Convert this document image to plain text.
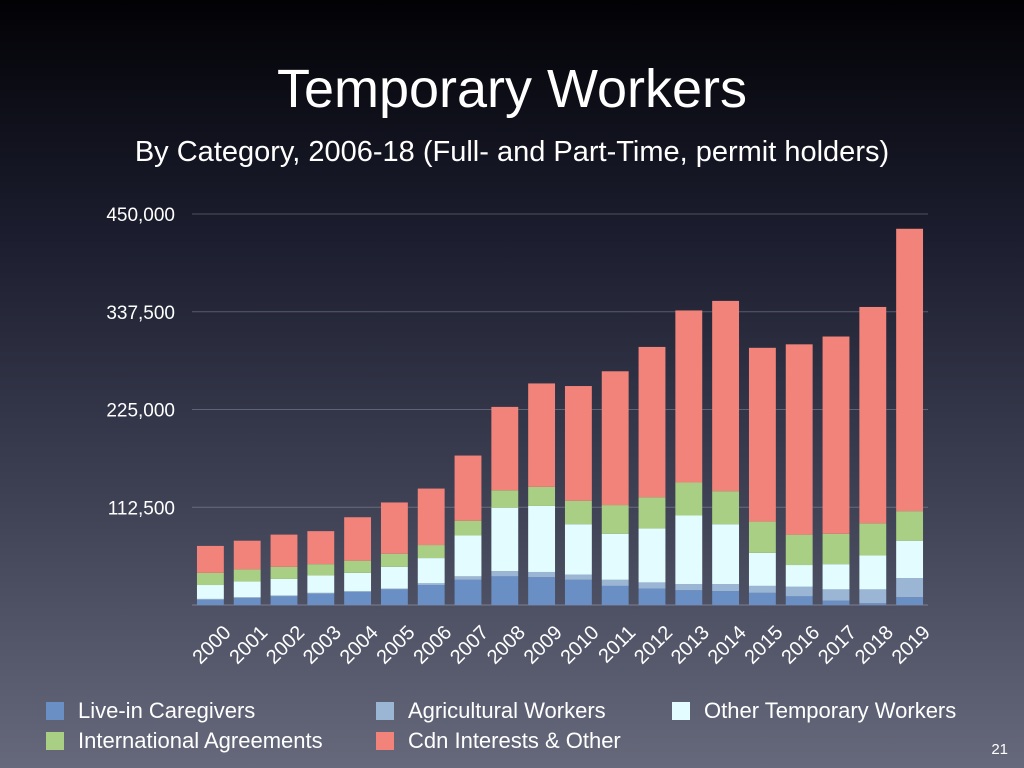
Temporary Workers
By Category, 2006-18 (Full- and Part-Time, permit holders)
112,500
225,000
337,500
450,000
2000
2001
2002
2003
2004
2005
2006
2007
2008
2009
2010
2011
2012
2013
2014
2015
2016
2017
2018
2019
Live-in Caregivers	Agricultural Workers	Other Temporary Workers
International Agreements	Cdn Interests & Other	21
